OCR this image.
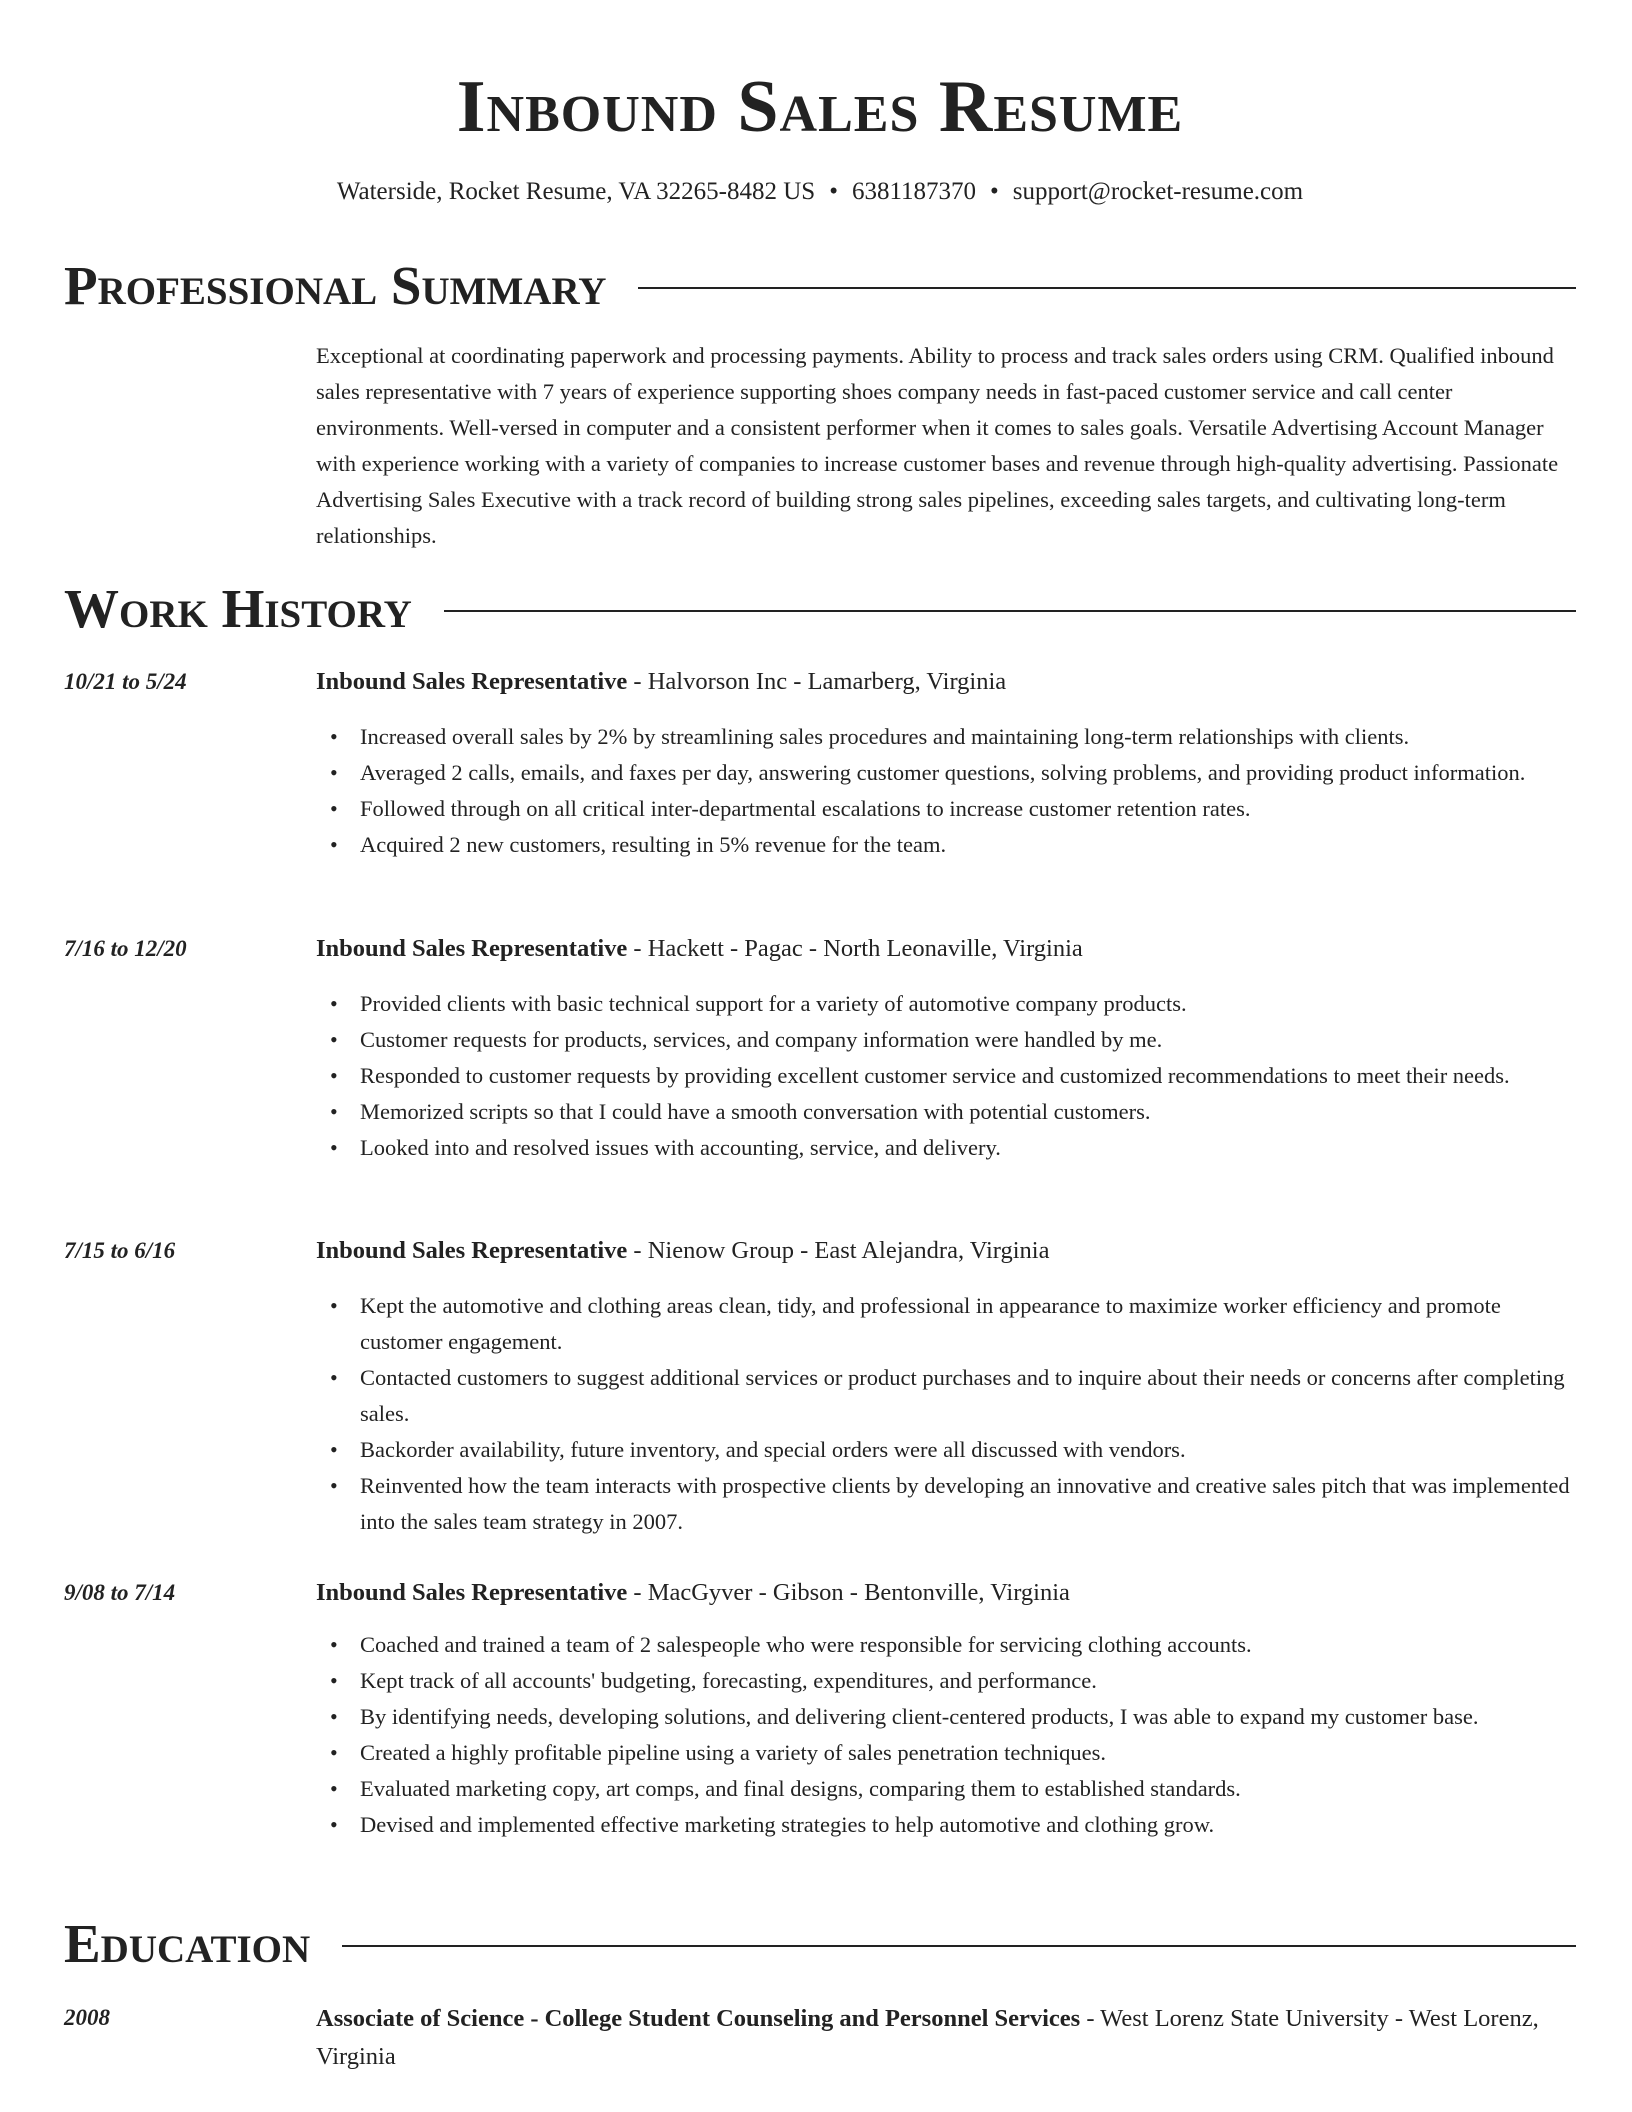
Inbound Sales Resume
Waterside, Rocket Resume, VA 32265-8482 US • 6381187370 • support@rocket-resume.com
Professional Summary

Exceptional at coordinating paperwork and processing payments. Ability to process and track sales orders using CRM. Qualified inbound sales representative with 7 years of experience supporting shoes company needs in fast-paced customer service and call center environments. Well-versed in computer and a consistent performer when it comes to sales goals. Versatile Advertising Account Manager with experience working with a variety of companies to increase customer bases and revenue through high-quality advertising. Passionate Advertising Sales Executive with a track record of building strong sales pipelines, exceeding sales targets, and cultivating long-term relationships.

Work History
10/21 to 5/24	Inbound Sales Representative - Halvorson Inc - Lamarberg, Virginia
• Increased overall sales by 2% by streamlining sales procedures and maintaining long-term relationships with clients.
• Averaged 2 calls, emails, and faxes per day, answering customer questions, solving problems, and providing product information.
• Followed through on all critical inter-departmental escalations to increase customer retention rates.
• Acquired 2 new customers, resulting in 5% revenue for the team.
7/16 to 12/20	Inbound Sales Representative - Hackett - Pagac - North Leonaville, Virginia
• Provided clients with basic technical support for a variety of automotive company products.
• Customer requests for products, services, and company information were handled by me.
• Responded to customer requests by providing excellent customer service and customized recommendations to meet their needs.
• Memorized scripts so that I could have a smooth conversation with potential customers.
• Looked into and resolved issues with accounting, service, and delivery.
7/15 to 6/16	Inbound Sales Representative - Nienow Group - East Alejandra, Virginia
• Kept the automotive and clothing areas clean, tidy, and professional in appearance to maximize worker efficiency and promote customer engagement.
• Contacted customers to suggest additional services or product purchases and to inquire about their needs or concerns after completing sales.
• Backorder availability, future inventory, and special orders were all discussed with vendors.
• Reinvented how the team interacts with prospective clients by developing an innovative and creative sales pitch that was implemented into the sales team strategy in 2007.
9/08 to 7/14	Inbound Sales Representative - MacGyver - Gibson - Bentonville, Virginia
• Coached and trained a team of 2 salespeople who were responsible for servicing clothing accounts.
• Kept track of all accounts' budgeting, forecasting, expenditures, and performance.
• By identifying needs, developing solutions, and delivering client-centered products, I was able to expand my customer base.
• Created a highly profitable pipeline using a variety of sales penetration techniques.
• Evaluated marketing copy, art comps, and final designs, comparing them to established standards.
• Devised and implemented effective marketing strategies to help automotive and clothing grow.
Education
2008	Associate of Science - College Student Counseling and Personnel Services - West Lorenz State University - West Lorenz, Virginia
